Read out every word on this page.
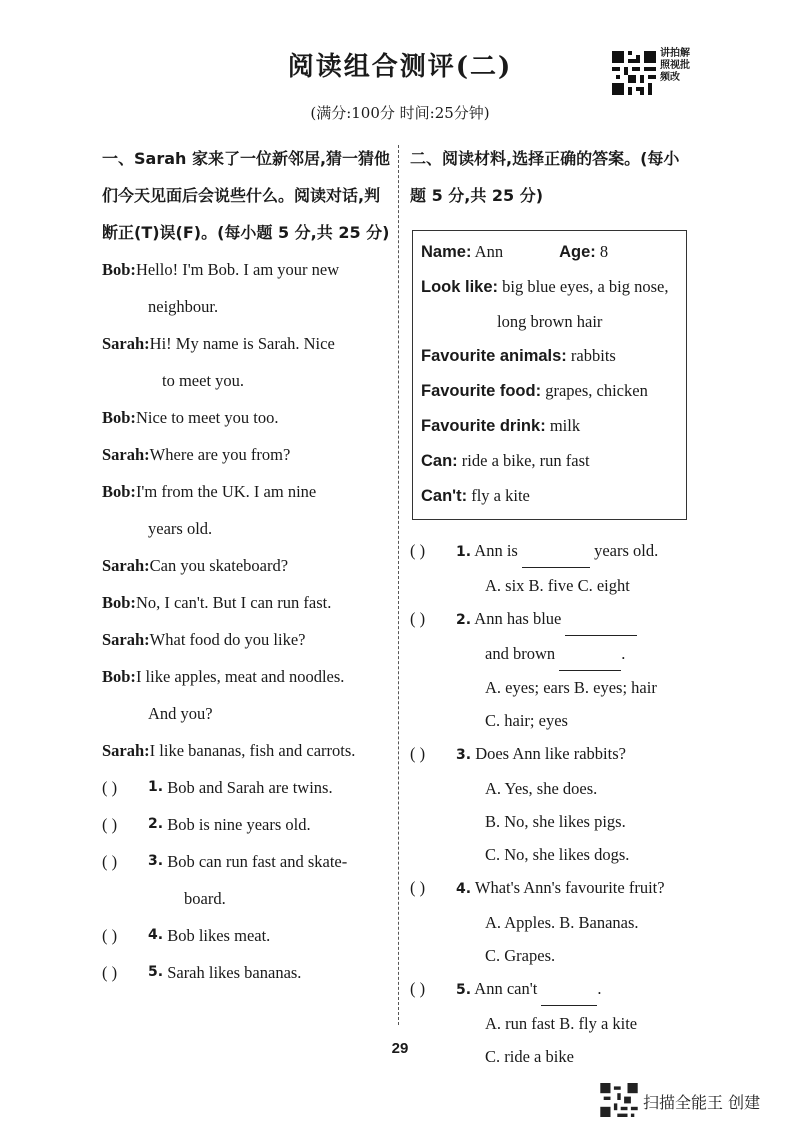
阅读组合测评(二)
(满分:100分 时间:25分钟)
讲拍解照视批频改
一、Sarah 家来了一位新邻居,猜一猜他们今天见面后会说些什么。阅读对话,判断正(T)误(F)。(每小题 5 分,共 25 分)
Bob:Hello! I'm Bob. I am your new
neighbour.
Sarah:Hi! My name is Sarah. Nice
to meet you.
Bob:Nice to meet you too.
Sarah:Where are you from?
Bob:I'm from the UK. I am nine
years old.
Sarah:Can you skateboard?
Bob:No, I can't. But I can run fast.
Sarah:What food do you like?
Bob:I like apples, meat and noodles.
And you?
Sarah:I like bananas, fish and carrots.
( )	1.
Bob and Sarah are twins.
( )	2.
Bob is nine years old.
( )	3.
Bob can run fast and skate-
board.
( )	4.
Bob likes meat.
( )	5.
Sarah likes bananas.
二、阅读材料,选择正确的答案。(每小题 5 分,共 25 分)
Name: Ann	Age: 8
Look like: big blue eyes, a big nose,
long brown hair
Favourite animals: rabbits
Favourite food: grapes, chicken
Favourite drink: milk
Can: ride a bike, run fast
Can't: fly a kite
( ) 1. Ann is	years old.
A. six B. five C. eight
( ) 2. Ann has blue
and brown	.
A. eyes; ears B. eyes; hair
C. hair; eyes
( ) 3. Does Ann like rabbits?
A. Yes, she does.
B. No, she likes pigs.
C. No, she likes dogs.
( ) 4. What's Ann's favourite fruit?
A. Apples. B. Bananas.
C. Grapes.
( ) 5. Ann can't	.
A. run fast B. fly a kite
C. ride a bike
29
扫描全能王 创建
